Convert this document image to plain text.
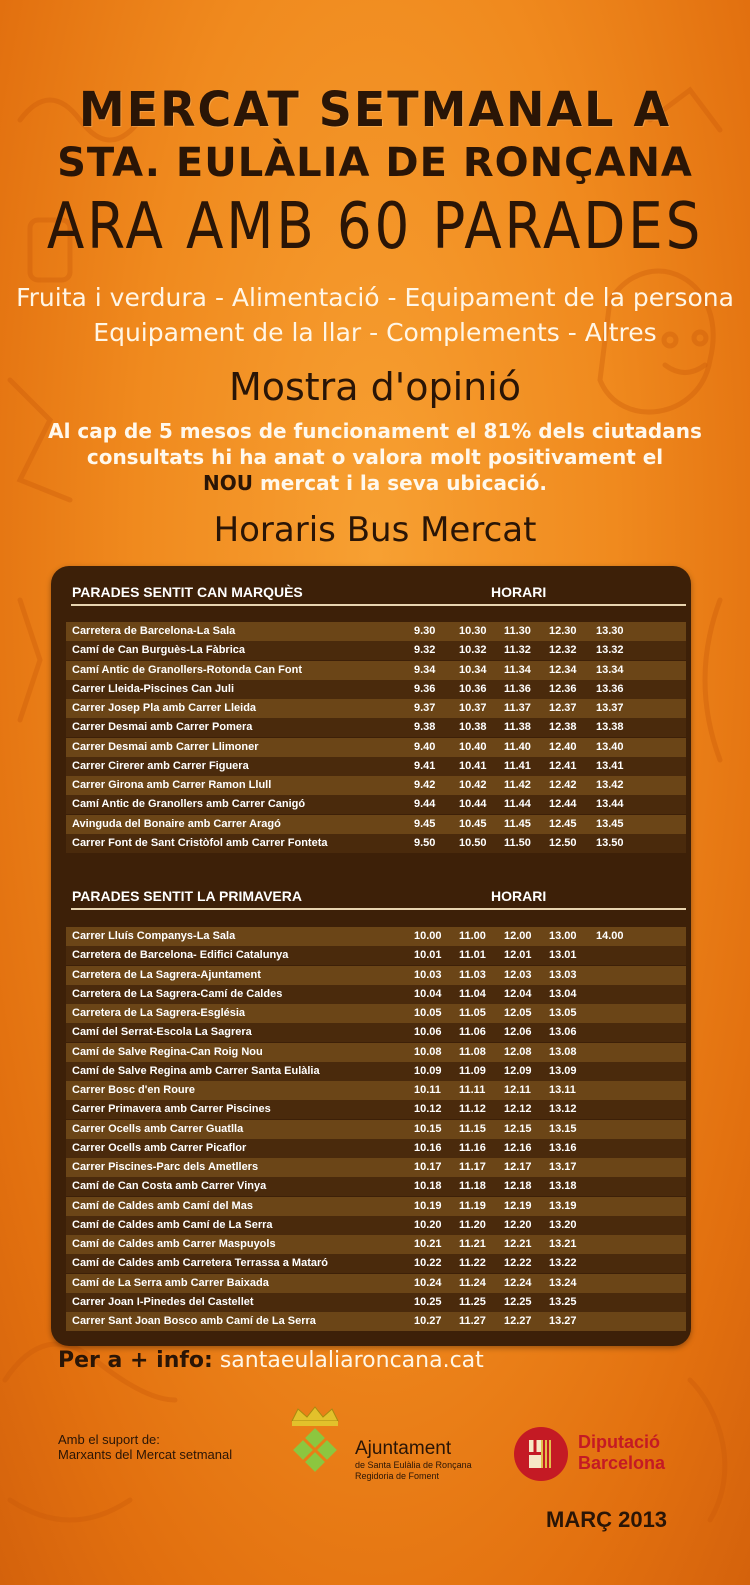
MERCAT SETMANAL A
STA. EULÀLIA DE RONÇANA
ARA AMB 60 PARADES
Fruita i verdura - Alimentació - Equipament de la persona
Equipament de la llar - Complements - Altres
Mostra d'opinió
Al cap de 5 mesos de funcionament el 81% dels ciutadans
consultats hi ha anat o valora molt positivament el
NOU mercat i la seva ubicació.
Horaris Bus Mercat
PARADES SENTIT CAN MARQUÈS	HORARI
Carretera de Barcelona-La Sala	9.30 10.30 11.30 12.30 13.30
Camí de Can Burguès-La Fàbrica	9.32 10.32 11.32 12.32 13.32
Camí Antic de Granollers-Rotonda Can Font	9.34 10.34 11.34 12.34 13.34
Carrer Lleida-Piscines Can Juli	9.36 10.36 11.36 12.36 13.36
Carrer Josep Pla amb Carrer Lleida	9.37 10.37 11.37 12.37 13.37
Carrer Desmai amb Carrer Pomera	9.38 10.38 11.38 12.38 13.38
Carrer Desmai amb Carrer Llimoner	9.40 10.40 11.40 12.40 13.40
Carrer Cirerer amb Carrer Figuera	9.41 10.41 11.41 12.41 13.41
Carrer Girona amb Carrer Ramon Llull	9.42 10.42 11.42 12.42 13.42
Camí Antic de Granollers amb Carrer Canigó	9.44 10.44 11.44 12.44 13.44
Avinguda del Bonaire amb Carrer Aragó	9.45 10.45 11.45 12.45 13.45
Carrer Font de Sant Cristòfol amb Carrer Fonteta	9.50 10.50 11.50 12.50 13.50
PARADES SENTIT LA PRIMAVERA	HORARI
Carrer Lluís Companys-La Sala	10.00 11.00 12.00 13.00 14.00
Carretera de Barcelona- Edifici Catalunya	10.01 11.01 12.01 13.01
Carretera de La Sagrera-Ajuntament	10.03 11.03 12.03 13.03
Carretera de La Sagrera-Camí de Caldes	10.04 11.04 12.04 13.04
Carretera de La Sagrera-Església	10.05 11.05 12.05 13.05
Camí del Serrat-Escola La Sagrera	10.06 11.06 12.06 13.06
Camí de Salve Regina-Can Roig Nou	10.08 11.08 12.08 13.08
Camí de Salve Regina amb Carrer Santa Eulàlia	10.09 11.09 12.09 13.09
Carrer Bosc d'en Roure	10.11 11.11 12.11 13.11
Carrer Primavera amb Carrer Piscines	10.12 11.12 12.12 13.12
Carrer Ocells amb Carrer Guatlla	10.15 11.15 12.15 13.15
Carrer Ocells amb Carrer Picaflor	10.16 11.16 12.16 13.16
Carrer Piscines-Parc dels Ametllers	10.17 11.17 12.17 13.17
Camí de Can Costa amb Carrer Vinya	10.18 11.18 12.18 13.18
Camí de Caldes amb Camí del Mas	10.19 11.19 12.19 13.19
Camí de Caldes amb Camí de La Serra	10.20 11.20 12.20 13.20
Camí de Caldes amb Carrer Maspuyols	10.21 11.21 12.21 13.21
Camí de Caldes amb Carretera Terrassa a Mataró	10.22 11.22 12.22 13.22
Camí de La Serra amb Carrer Baixada	10.24 11.24 12.24 13.24
Carrer Joan I-Pinedes del Castellet	10.25 11.25 12.25 13.25
Carrer Sant Joan Bosco amb Camí de La Serra	10.27 11.27 12.27 13.27
Per a + info: santaeulaliaroncana.cat
Amb el suport de:
Marxants del Mercat setmanal	Ajuntament
de Santa Eulàlia de Ronçana
Regidoria de Foment
Diputació
Barcelona
MARÇ 2013
